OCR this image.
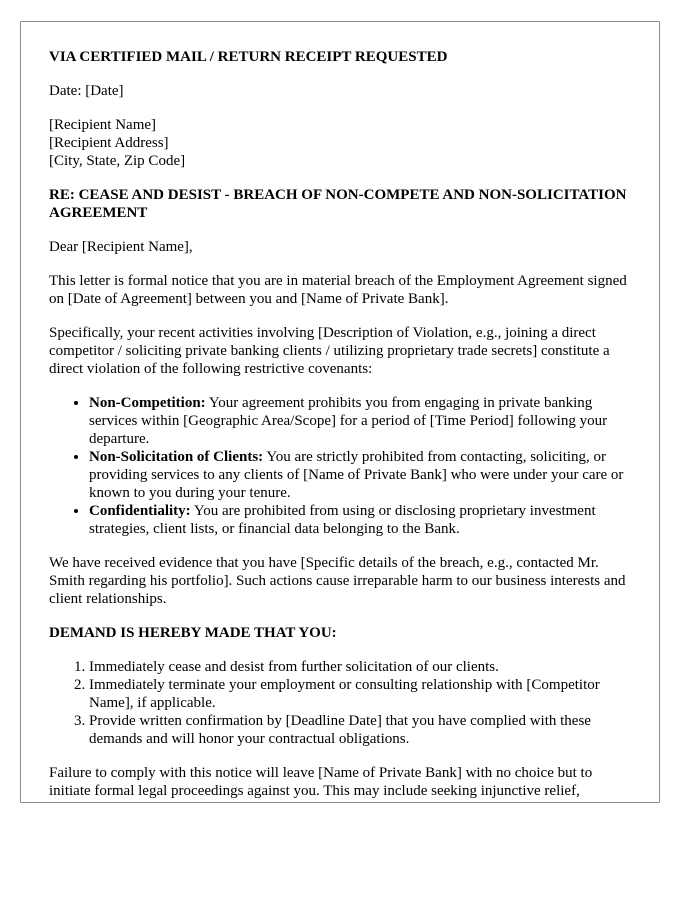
VIA CERTIFIED MAIL / RETURN RECEIPT REQUESTED

Date: [Date]

[Recipient Name]
[Recipient Address]
[City, State, Zip Code]

RE: CEASE AND DESIST - BREACH OF NON-COMPETE AND NON-SOLICITATION AGREEMENT

Dear [Recipient Name],

This letter is formal notice that you are in material breach of the Employment Agreement signed on [Date of Agreement] between you and [Name of Private Bank].

Specifically, your recent activities involving [Description of Violation, e.g., joining a direct competitor / soliciting private banking clients / utilizing proprietary trade secrets] constitute a direct violation of the following restrictive covenants:

• Non-Competition: Your agreement prohibits you from engaging in private banking services within [Geographic Area/Scope] for a period of [Time Period] following your departure.
• Non-Solicitation of Clients: You are strictly prohibited from contacting, soliciting, or providing services to any clients of [Name of Private Bank] who were under your care or known to you during your tenure.
• Confidentiality: You are prohibited from using or disclosing proprietary investment strategies, client lists, or financial data belonging to the Bank.

We have received evidence that you have [Specific details of the breach, e.g., contacted Mr. Smith regarding his portfolio]. Such actions cause irreparable harm to our business interests and client relationships.

DEMAND IS HEREBY MADE THAT YOU:

1. Immediately cease and desist from further solicitation of our clients.
2. Immediately terminate your employment or consulting relationship with [Competitor Name], if applicable.
3. Provide written confirmation by [Deadline Date] that you have complied with these demands and will honor your contractual obligations.

Failure to comply with this notice will leave [Name of Private Bank] with no choice but to initiate formal legal proceedings against you. This may include seeking injunctive relief,
